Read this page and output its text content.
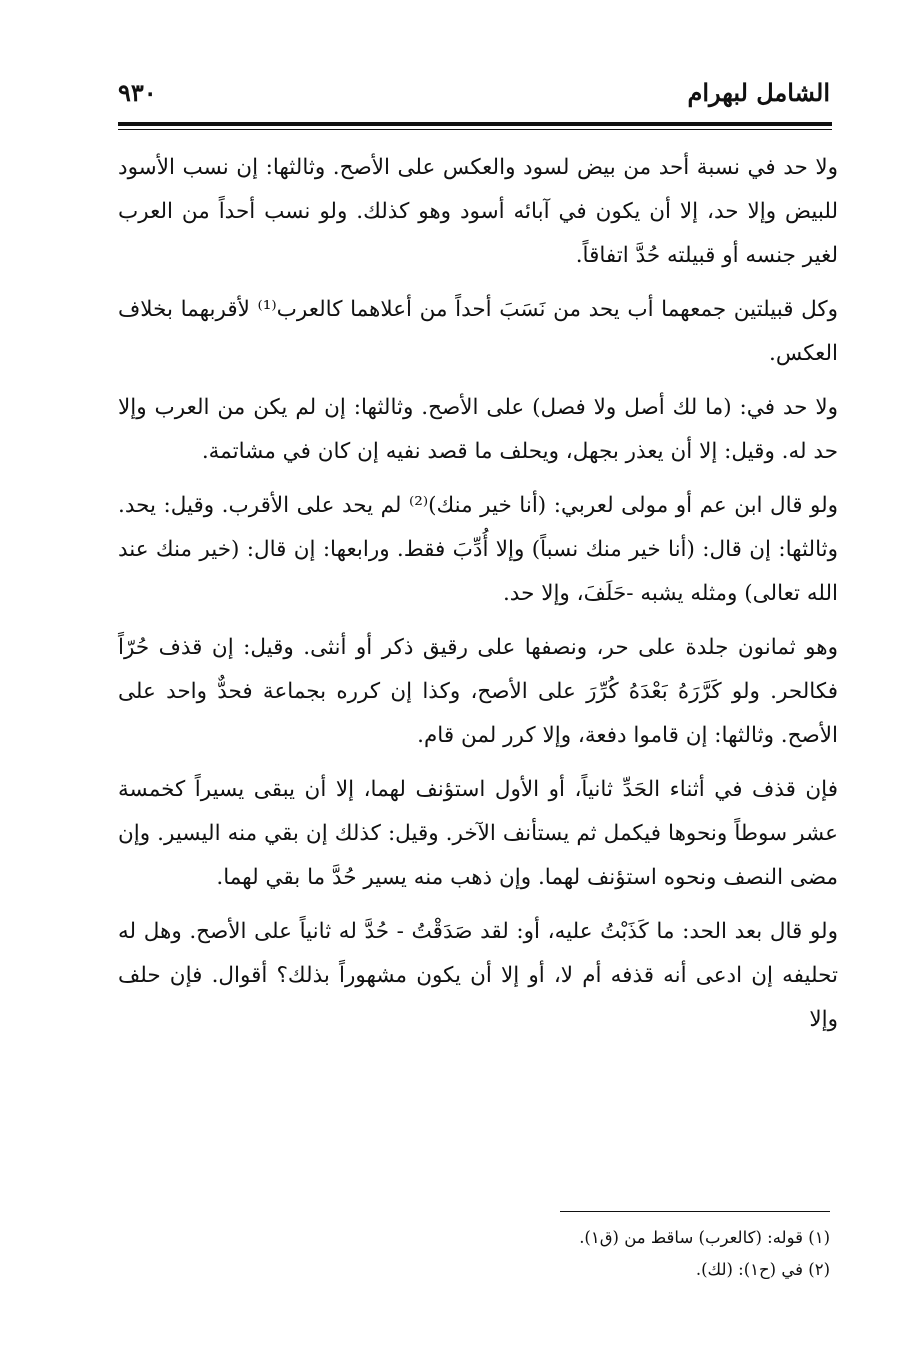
الشامل لبهرام
٩٣٠

ولا حد في نسبة أحد من بيض لسود والعكس على الأصح. وثالثها: إن نسب الأسود للبيض وإلا حد، إلا أن يكون في آبائه أسود وهو كذلك. ولو نسب أحداً من العرب لغير جنسه أو قبيلته حُدَّ اتفاقاً.

وكل قبيلتين جمعهما أب يحد من نَسَبَ أحداً من أعلاهما كالعرب⁽¹⁾ لأقربهما بخلاف العكس.

ولا حد في: (ما لك أصل ولا فصل) على الأصح. وثالثها: إن لم يكن من العرب وإلا حد له. وقيل: إلا أن يعذر بجهل، ويحلف ما قصد نفيه إن كان في مشاتمة.

ولو قال ابن عم أو مولى لعربي: (أنا خير منك)⁽²⁾ لم يحد على الأقرب. وقيل: يحد. وثالثها: إن قال: (أنا خير منك نسباً) وإلا أُدِّبَ فقط. ورابعها: إن قال: (خير منك عند الله تعالى) ومثله يشبه -حَلَفَ، وإلا حد.

وهو ثمانون جلدة على حر، ونصفها على رقيق ذكر أو أنثى. وقيل: إن قذف حُرّاً فكالحر. ولو كَرَّرَهُ بَعْدَهُ كُرِّرَ على الأصح، وكذا إن كرره بجماعة فحدٌّ واحد على الأصح. وثالثها: إن قاموا دفعة، وإلا كرر لمن قام.

فإن قذف في أثناء الحَدِّ ثانياً، أو الأول استؤنف لهما، إلا أن يبقى يسيراً كخمسة عشر سوطاً ونحوها فيكمل ثم يستأنف الآخر. وقيل: كذلك إن بقي منه اليسير. وإن مضى النصف ونحوه استؤنف لهما. وإن ذهب منه يسير حُدَّ ما بقي لهما.

ولو قال بعد الحد: ما كَذَبْتُ عليه، أو: لقد صَدَقْتُ - حُدَّ له ثانياً على الأصح. وهل له تحليفه إن ادعى أنه قذفه أم لا، أو إلا أن يكون مشهوراً بذلك؟ أقوال. فإن حلف وإلا

(١) قوله: (كالعرب) ساقط من (ق١).

(٢) في (ح١): (لك).
